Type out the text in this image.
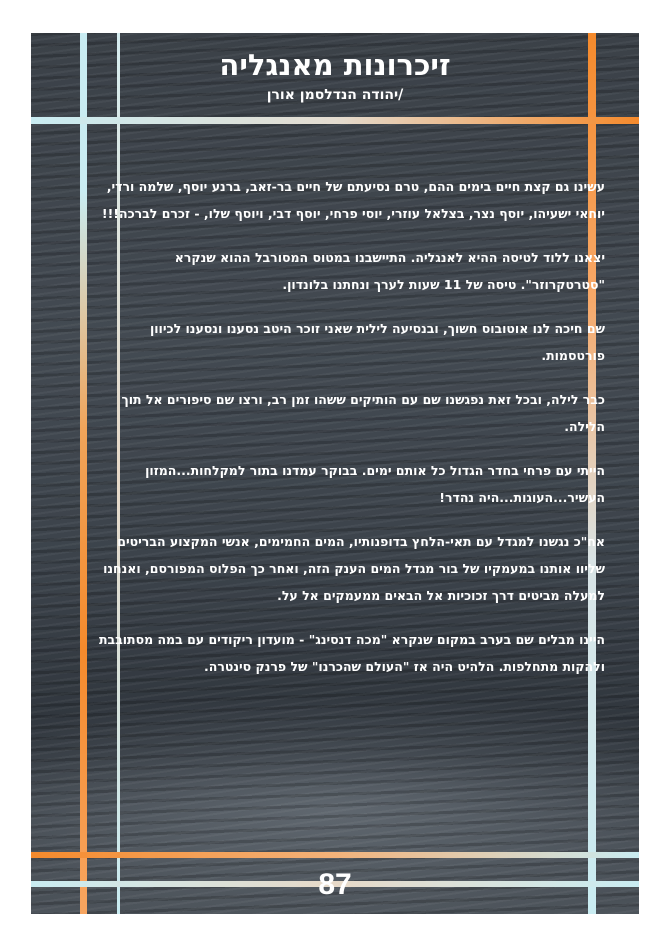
זיכרונות מאנגליה
/יהודה הנדלסמן אורן

עשינו גם קצת חיים בימים ההם, טרם נסיעתם של חיים בר-זאב, ברנע יוסף, שלמה ורדי, יוחאי ישעיהו, יוסף נצר, בצלאל עוזרי, יוסי פרחי, יוסף דבי, ויוסף שלו, - זכרם לברכה!!!

יצאנו ללוד לטיסה ההיא לאנגליה. התיישבנו במטוס המסורבל ההוא שנקרא "סטרטקרוזר". טיסה של 11 שעות לערך ונחתנו בלונדון.

שם חיכה לנו אוטובוס חשוך, ובנסיעה לילית שאני זוכר היטב נסענו ונסענו לכיוון פורטסמות.

כבר לילה, ובכל זאת נפגשנו שם עם הותיקים ששהו זמן רב, ורצו שם סיפורים אל תוך הלילה.

הייתי עם פרחי בחדר הגדול כל אותם ימים. בבוקר עמדנו בתור למקלחות...המזון העשיר...העוגות...היה נהדר!

אח"כ נגשנו למגדל עם תאי-הלחץ בדופנותיו, המים החמימים, אנשי המקצוע הבריטים שליוו אותנו במעמקיו של בור מגדל המים הענק הזה, ואחר כך הפלוס המפורסם, ואנחנו למעלה מביטים דרך זכוכיות אל הבאים ממעמקים אל על.

היינו מבלים שם בערב במקום שנקרא "מכה דנסינג" - מועדון ריקודים עם במה מסתובבת ולהקות מתחלפות. הלהיט היה אז "העולם שהכרנו" של פרנק סינטרה.

87
